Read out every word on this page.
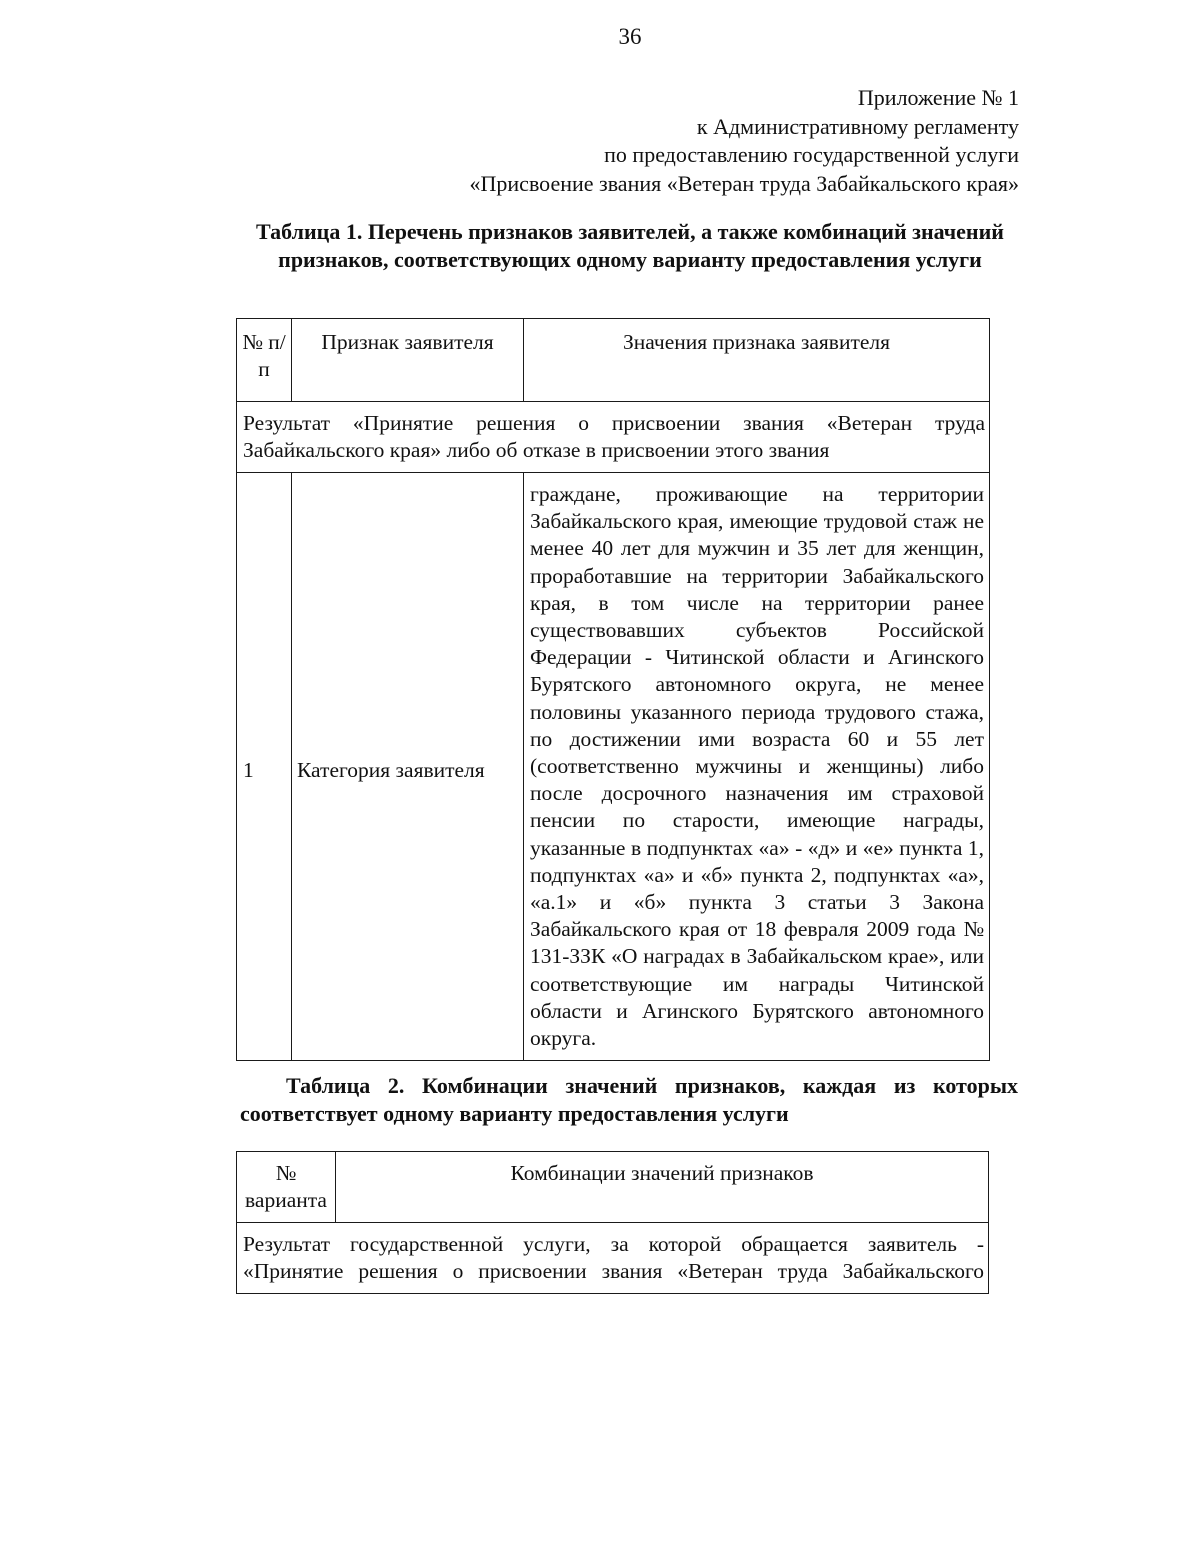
36
Приложение № 1
к Административному регламенту
по предоставлению государственной услуги
«Присвоение звания «Ветеран труда Забайкальского края»
Таблица 1. Перечень признаков заявителей, а также комбинаций значений признаков, соответствующих одному варианту предоставления услуги
№ п/п	Признак заявителя	Значения признака заявителя
Результат «Принятие решения о присвоении звания «Ветеран труда Забайкальского края» либо об отказе в присвоении этого звания		
1	Категория заявителя	граждане, проживающие на территории Забайкальского края, имеющие трудовой стаж не менее 40 лет для мужчин и 35 лет для женщин, проработавшие на территории Забайкальского края, в том числе на территории ранее существовавших субъектов Российской Федерации - Читинской области и Агинского Бурятского автономного округа, не менее половины указанного периода трудового стажа, по достижении ими возраста 60 и 55 лет (соответственно мужчины и женщины) либо после досрочного назначения им страховой пенсии по старости, имеющие награды, указанные в подпунктах «а» - «д» и «е» пункта 1, подпунктах «а» и «б» пункта 2, подпунктах «а», «а.1» и «б» пункта 3 статьи 3 Закона Забайкальского края от 18 февраля 2009 года № 131-ЗЗК «О наградах в Забайкальском крае», или соответствующие им награды Читинской области и Агинского Бурятского автономного округа.
Таблица 2. Комбинации значений признаков, каждая из которых соответствует одному варианту предоставления услуги
№ варианта	Комбинации значений признаков
Результат государственной услуги, за которой обращается заявитель - «Принятие решения о присвоении звания «Ветеран труда Забайкальского
